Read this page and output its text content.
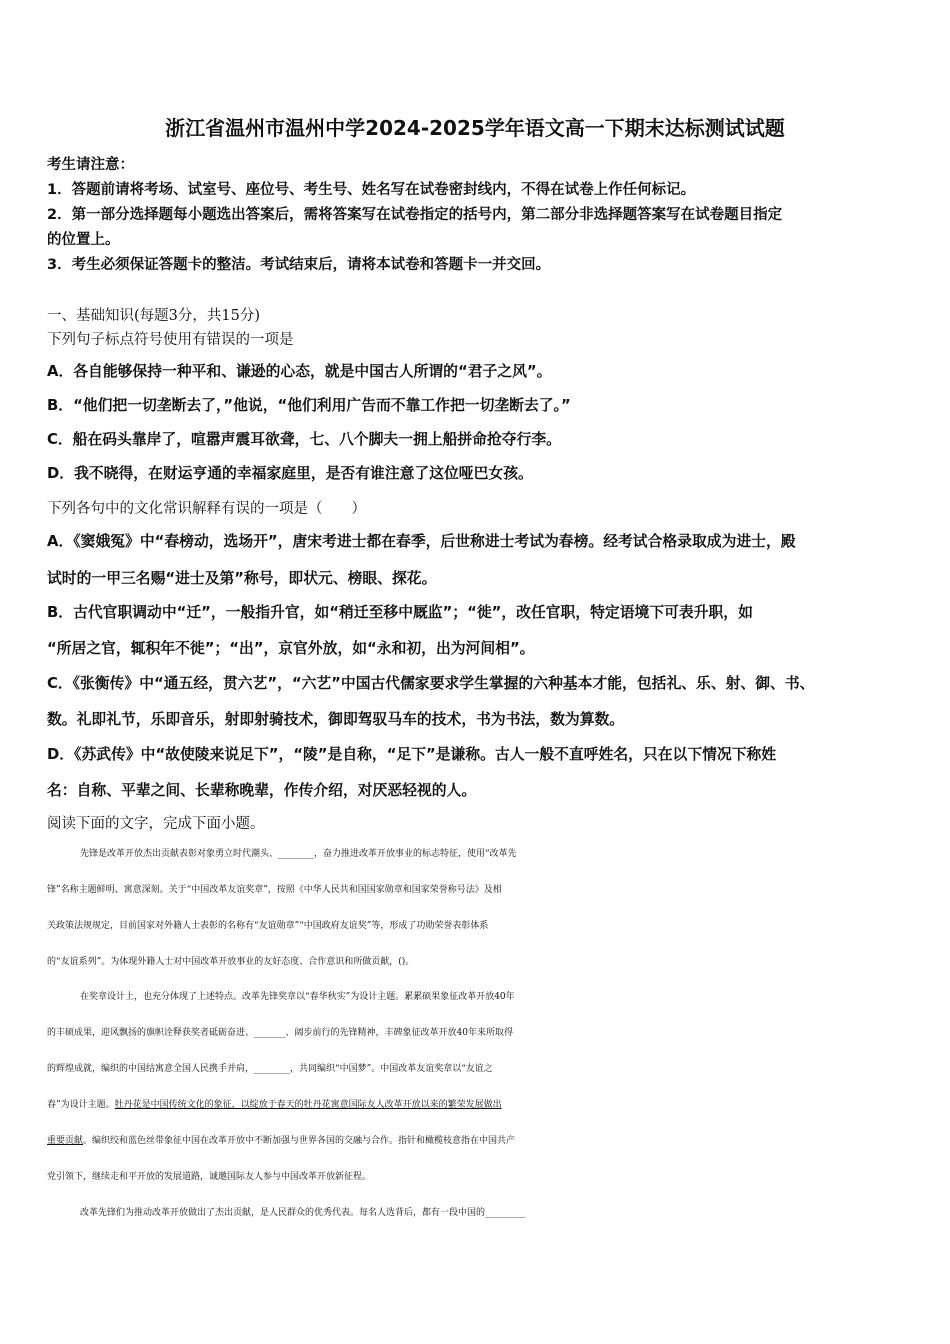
浙江省温州市温州中学2024-2025学年语文高一下期末达标测试试题
考生请注意：
1．答题前请将考场、试室号、座位号、考生号、姓名写在试卷密封线内，不得在试卷上作任何标记。
2．第一部分选择题每小题选出答案后，需将答案写在试卷指定的括号内，第二部分非选择题答案写在试卷题目指定
的位置上。
3．考生必须保证答题卡的整洁。考试结束后，请将本试卷和答题卡一并交回。
一、基础知识(每题3分，共15分)
下列句子标点符号使用有错误的一项是
A．各自能够保持一种平和、谦逊的心态，就是中国古人所谓的“君子之风”。
B．“他们把一切垄断去了，”他说，“他们利用广告而不靠工作把一切垄断去了。”
C．船在码头靠岸了，喧嚣声震耳欲聋，七、八个脚夫一拥上船拼命抢夺行李。
D．我不晓得，在财运亨通的幸福家庭里，是否有谁注意了这位哑巴女孩。
下列各句中的文化常识解释有误的一项是（　　）
A．《窦娥冤》中“春榜动，选场开”，唐宋考进士都在春季，后世称进士考试为春榜。经考试合格录取成为进士，殿
试时的一甲三名赐“进士及第”称号，即状元、榜眼、探花。
B．古代官职调动中“迁”，一般指升官，如“稍迁至移中厩监”；“徙”，改任官职，特定语境下可表升职，如
“所居之官，辄积年不徙”；“出”，京官外放，如“永和初，出为河间相”。
C．《张衡传》中“通五经，贯六艺”，“六艺”中国古代儒家要求学生掌握的六种基本才能，包括礼、乐、射、御、书、
数。礼即礼节，乐即音乐，射即射骑技术，御即驾驭马车的技术，书为书法，数为算数。
D．《苏武传》中“故使陵来说足下”，“陵”是自称，“足下”是谦称。古人一般不直呼姓名，只在以下情况下称姓
名：自称、平辈之间、长辈称晚辈，作传介绍，对厌恶轻视的人。
阅读下面的文字，完成下面小题。
先锋是改革开放杰出贡献表彰对象勇立时代潮头、________，奋力推进改革开放事业的标志特征，使用“改革先
锋”名称主题鲜明、寓意深刻。关于“中国改革友谊奖章”，按照《中华人民共和国国家勋章和国家荣誉称号法》及相
关政策法规规定，目前国家对外籍人士表彰的名称有“友谊勋章”“中国政府友谊奖”等，形成了功勋荣誉表彰体系
的“友谊系列”。为体现外籍人士对中国改革开放事业的友好态度、合作意识和所做贡献，()。
在奖章设计上，也充分体现了上述特点。改革先锋奖章以“春华秋实”为设计主题。累累硕果象征改革开放40年
的丰硕成果，迎风飘扬的旗帜诠释获奖者砥砺奋进、_______、阔步前行的先锋精神，丰碑象征改革开放40年来所取得
的辉煌成就，编织的中国结寓意全国人民携手并肩，________，共同编织“中国梦”。中国改革友谊奖章以“友谊之
春”为设计主题。牡丹花是中国传统文化的象征，以绽放于春天的牡丹花寓意国际友人改革开放以来的繁荣发展做出
重要贡献。编织绞和蓝色丝带象征中国在改革开放中不断加强与世界各国的交融与合作。指针和橄榄枝意指在中国共产
党引领下，继续走和平开放的发展道路，诚邀国际友人参与中国改革开放新征程。
改革先锋们为推动改革开放做出了杰出贡献，是人民群众的优秀代表。每名人选背后，都有一段中国的_________
